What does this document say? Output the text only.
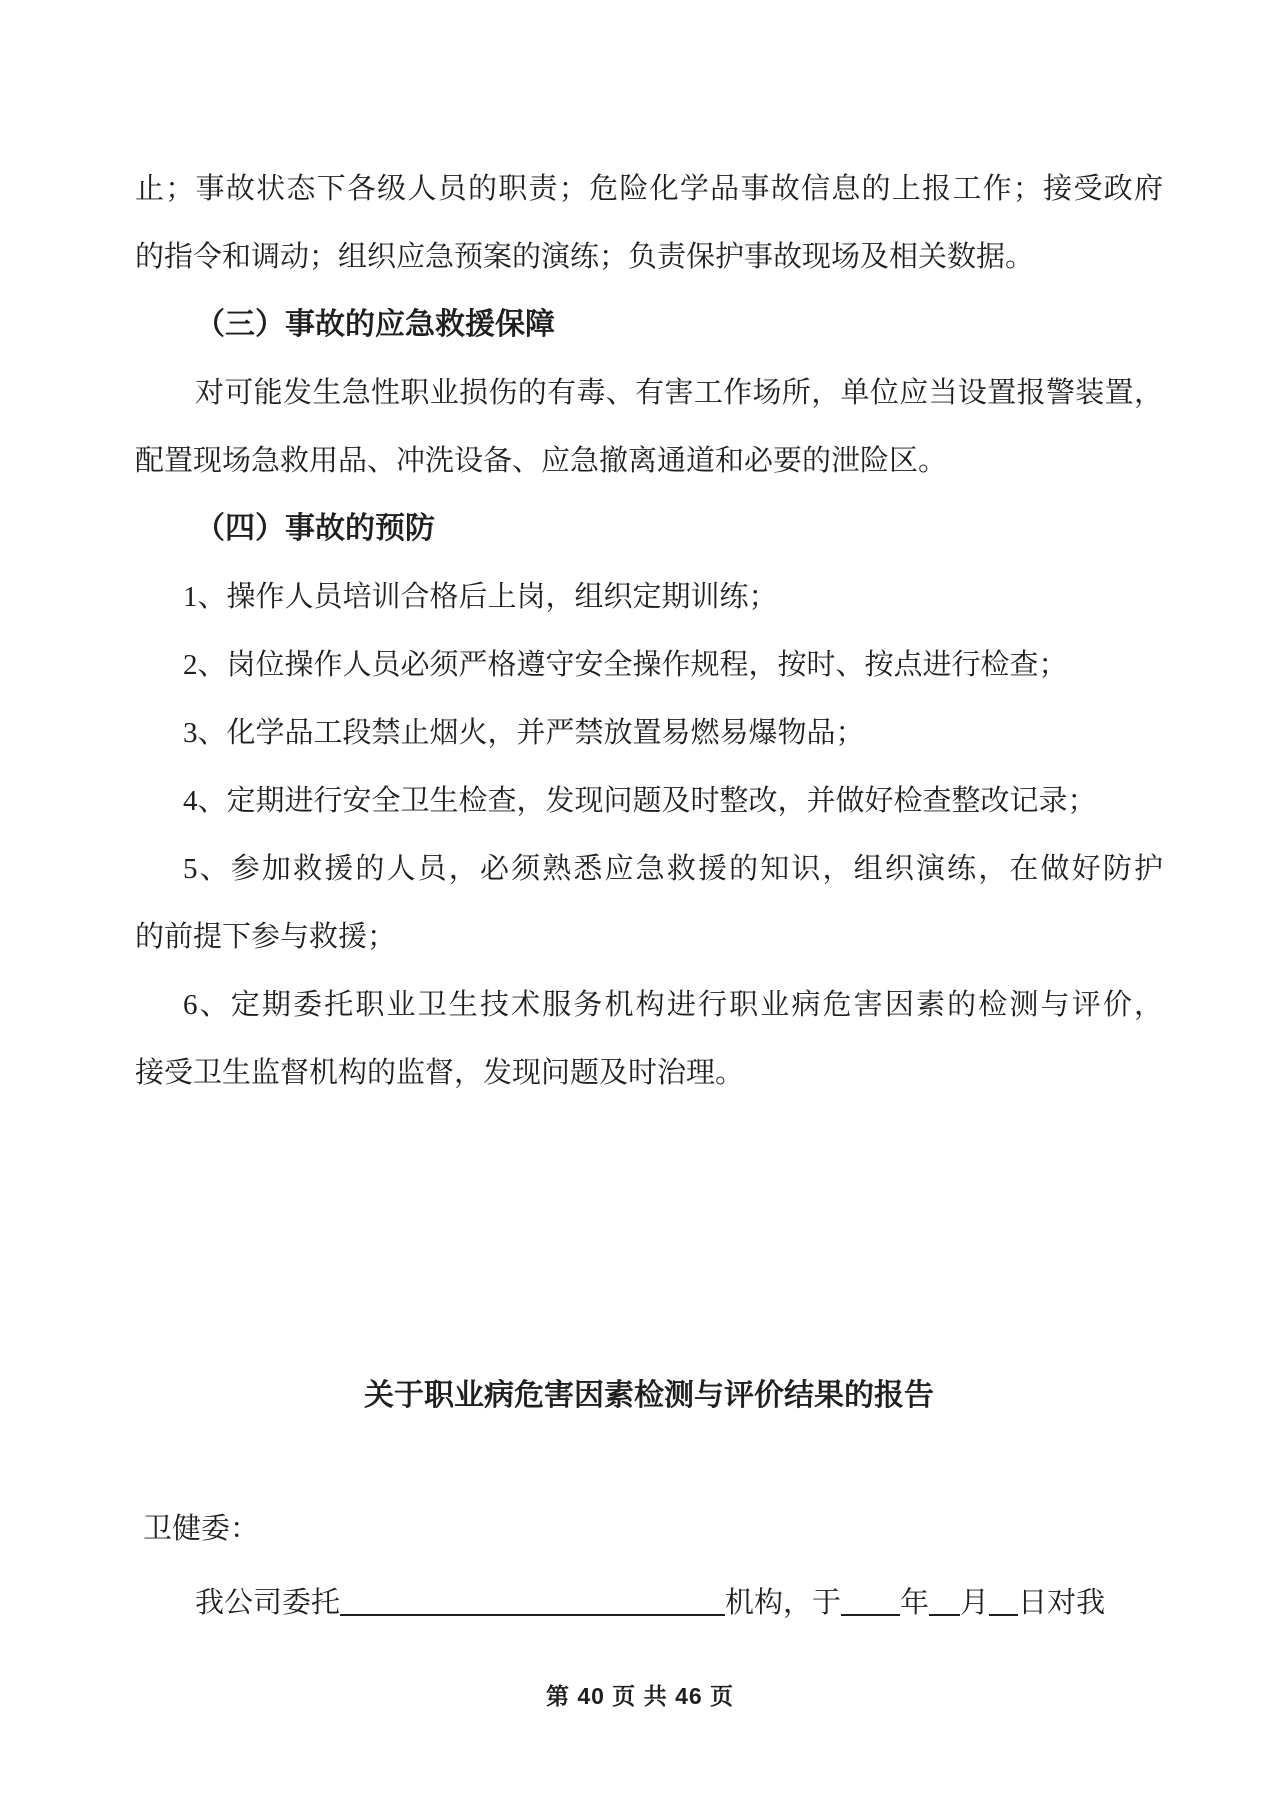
止；事故状态下各级人员的职责；危险化学品事故信息的上报工作；接受政府
的指令和调动；组织应急预案的演练；负责保护事故现场及相关数据。
（三）事故的应急救援保障
对可能发生急性职业损伤的有毒、有害工作场所，单位应当设置报警装置，
配置现场急救用品、冲洗设备、应急撤离通道和必要的泄险区。
（四）事故的预防
1、操作人员培训合格后上岗，组织定期训练；
2、岗位操作人员必须严格遵守安全操作规程，按时、按点进行检查；
3、化学品工段禁止烟火，并严禁放置易燃易爆物品；
4、定期进行安全卫生检查，发现问题及时整改，并做好检查整改记录；
5、参加救援的人员，必须熟悉应急救援的知识，组织演练，在做好防护
的前提下参与救援；
6、定期委托职业卫生技术服务机构进行职业病危害因素的检测与评价，
接受卫生监督机构的监督，发现问题及时治理。
关于职业病危害因素检测与评价结果的报告
卫健委：
我公司委托	机构，于 年 月 日对我
第 40 页 共 46 页
